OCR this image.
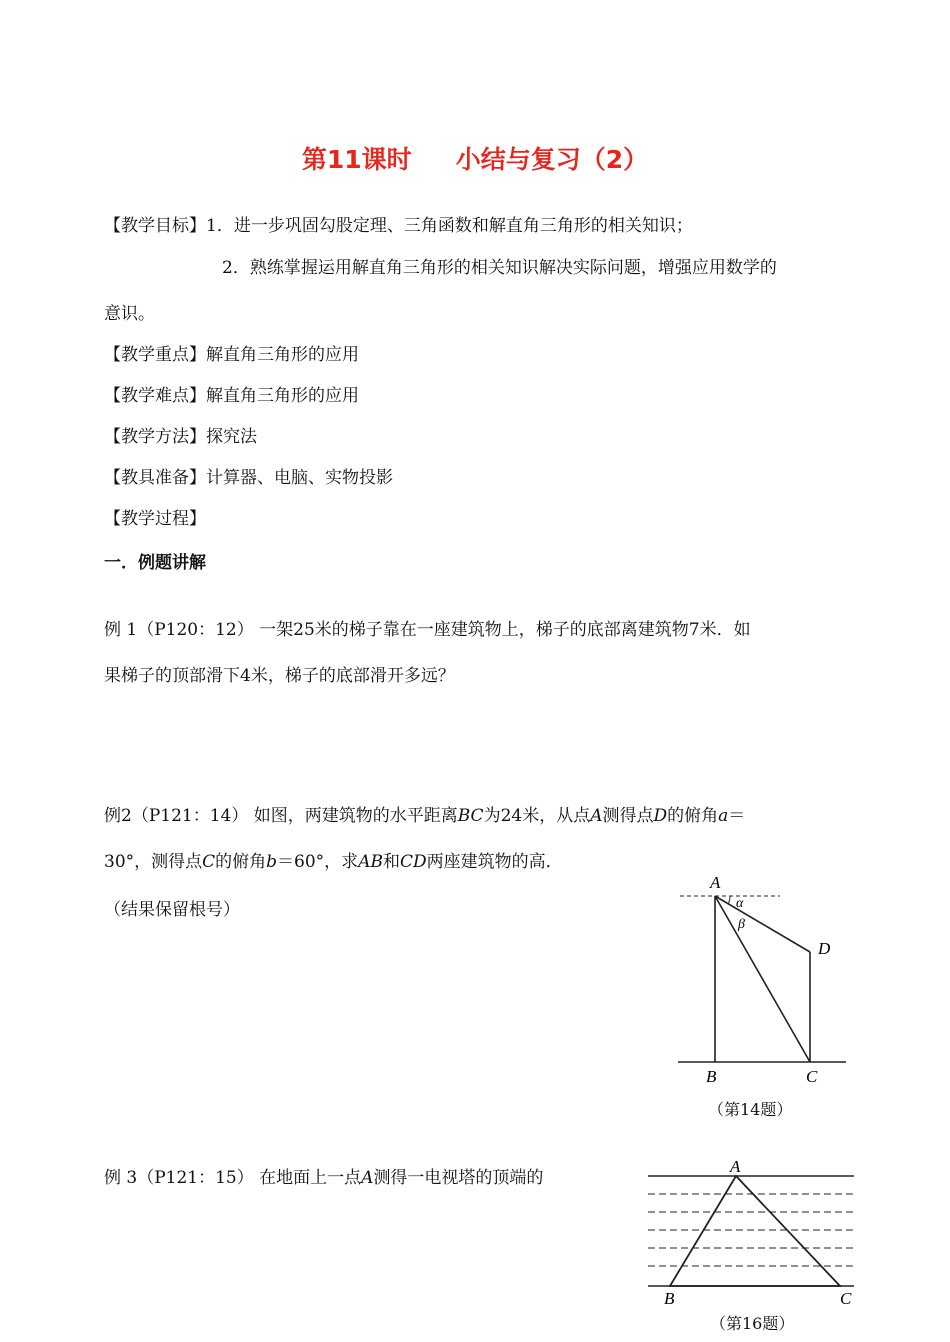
第11课时 小结与复习（2）
【教学目标】1．进一步巩固勾股定理、三角函数和解直角三角形的相关知识；
2．熟练掌握运用解直角三角形的相关知识解决实际问题，增强应用数学的
意识。
【教学重点】解直角三角形的应用
【教学难点】解直角三角形的应用
【教学方法】探究法
【教具准备】计算器、电脑、实物投影
【教学过程】
一．例题讲解
例 1（P120：12） 一架25米的梯子靠在一座建筑物上，梯子的底部离建筑物7米．如
果梯子的顶部滑下4米，梯子的底部滑开多远？
例2（P121：14） 如图，两建筑物的水平距离BC为24米，从点A测得点D的俯角a＝
30°，测得点C的俯角b＝60°，求AB和CD两座建筑物的高．
（结果保留根号）
A
B	C
D
α
β
（第14题）
例 3（P121：15） 在地面上一点A测得一电视塔的顶端的
A
B	C
（第16题）
